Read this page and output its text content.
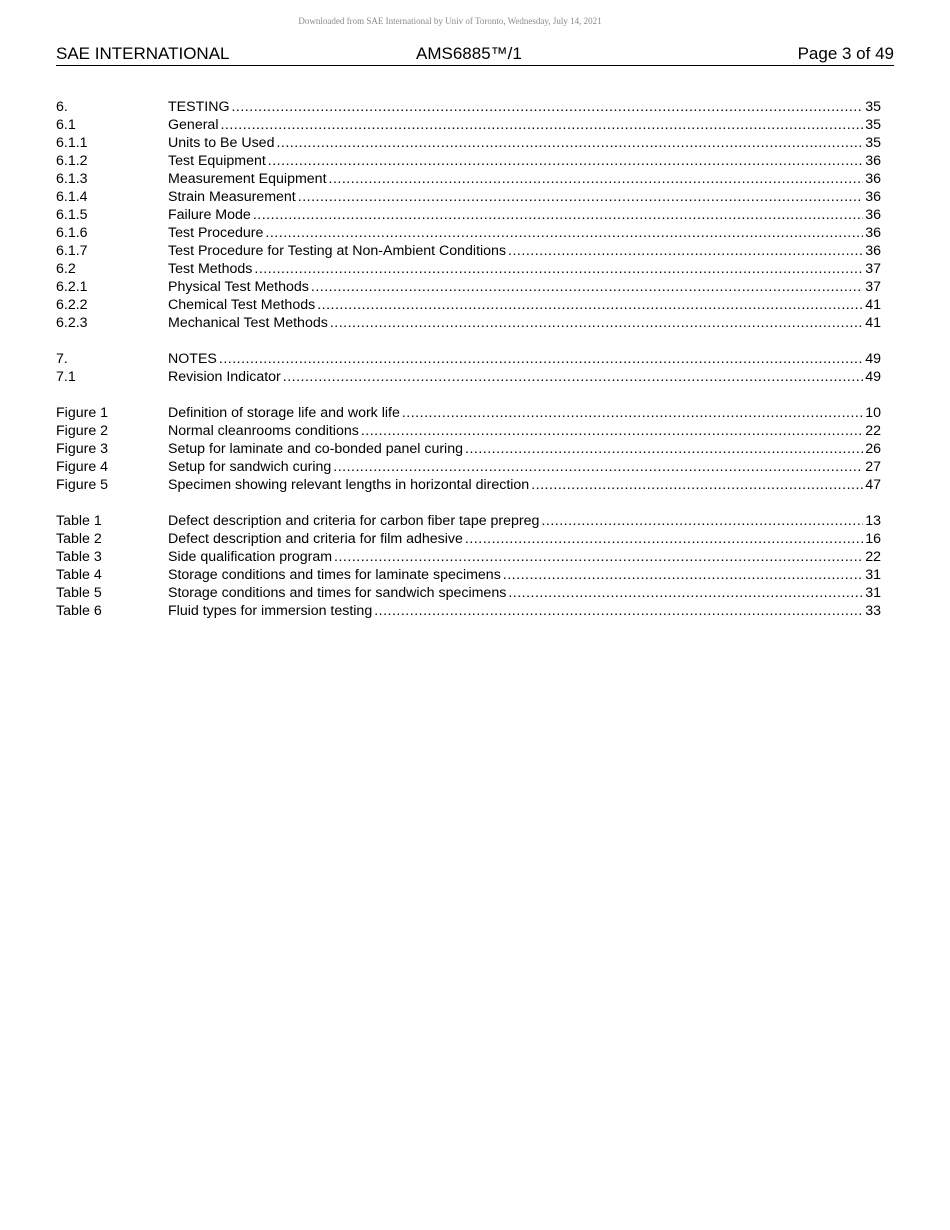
Downloaded from SAE International by Univ of Toronto, Wednesday, July 14, 2021
SAE INTERNATIONAL	AMS6885™/1	Page 3 of 49
6.	TESTING .....	35
6.1	General .....	35
6.1.1	Units to Be Used .....	35
6.1.2	Test Equipment .....	36
6.1.3	Measurement Equipment .....	36
6.1.4	Strain Measurement .....	36
6.1.5	Failure Mode .....	36
6.1.6	Test Procedure .....	36
6.1.7	Test Procedure for Testing at Non-Ambient Conditions .....	36
6.2	Test Methods .....	37
6.2.1	Physical Test Methods .....	37
6.2.2	Chemical Test Methods .....	41
6.2.3	Mechanical Test Methods .....	41
7.	NOTES .....	49
7.1	Revision Indicator .....	49
Figure 1	Definition of storage life and work life .....	10
Figure 2	Normal cleanrooms conditions .....	22
Figure 3	Setup for laminate and co-bonded panel curing .....	26
Figure 4	Setup for sandwich curing .....	27
Figure 5	Specimen showing relevant lengths in horizontal direction .....	47
Table 1	Defect description and criteria for carbon fiber tape prepreg .....	13
Table 2	Defect description and criteria for film adhesive .....	16
Table 3	Side qualification program .....	22
Table 4	Storage conditions and times for laminate specimens .....	31
Table 5	Storage conditions and times for sandwich specimens .....	31
Table 6	Fluid types for immersion testing .....	33
